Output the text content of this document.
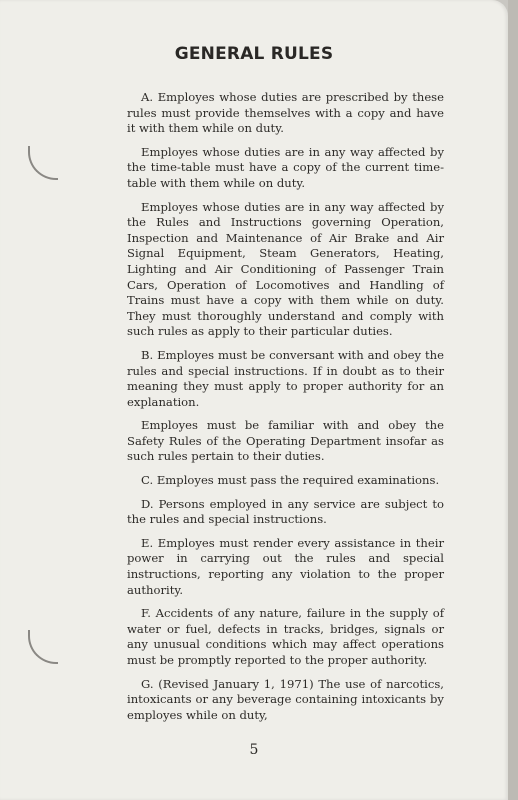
GENERAL RULES

A. Employes whose duties are prescribed by these rules must provide themselves with a copy and have it with them while on duty.

Employes whose duties are in any way affected by the time-table must have a copy of the current time-table with them while on duty.

Employes whose duties are in any way affected by the Rules and Instructions governing Operation, Inspection and Maintenance of Air Brake and Air Signal Equipment, Steam Generators, Heating, Lighting and Air Conditioning of Passenger Train Cars, Operation of Locomotives and Handling of Trains must have a copy with them while on duty. They must thoroughly understand and comply with such rules as apply to their particular duties.

B. Employes must be conversant with and obey the rules and special instructions. If in doubt as to their meaning they must apply to proper authority for an explanation.

Employes must be familiar with and obey the Safety Rules of the Operating Department insofar as such rules pertain to their duties.

C. Employes must pass the required examinations.

D. Persons employed in any service are subject to the rules and special instructions.

E. Employes must render every assistance in their power in carrying out the rules and special instructions, reporting any violation to the proper authority.

F. Accidents of any nature, failure in the supply of water or fuel, defects in tracks, bridges, signals or any unusual conditions which may affect operations must be promptly reported to the proper authority.

G. (Revised January 1, 1971) The use of narcotics, intoxicants or any beverage containing intoxicants by employes while on duty,

5
